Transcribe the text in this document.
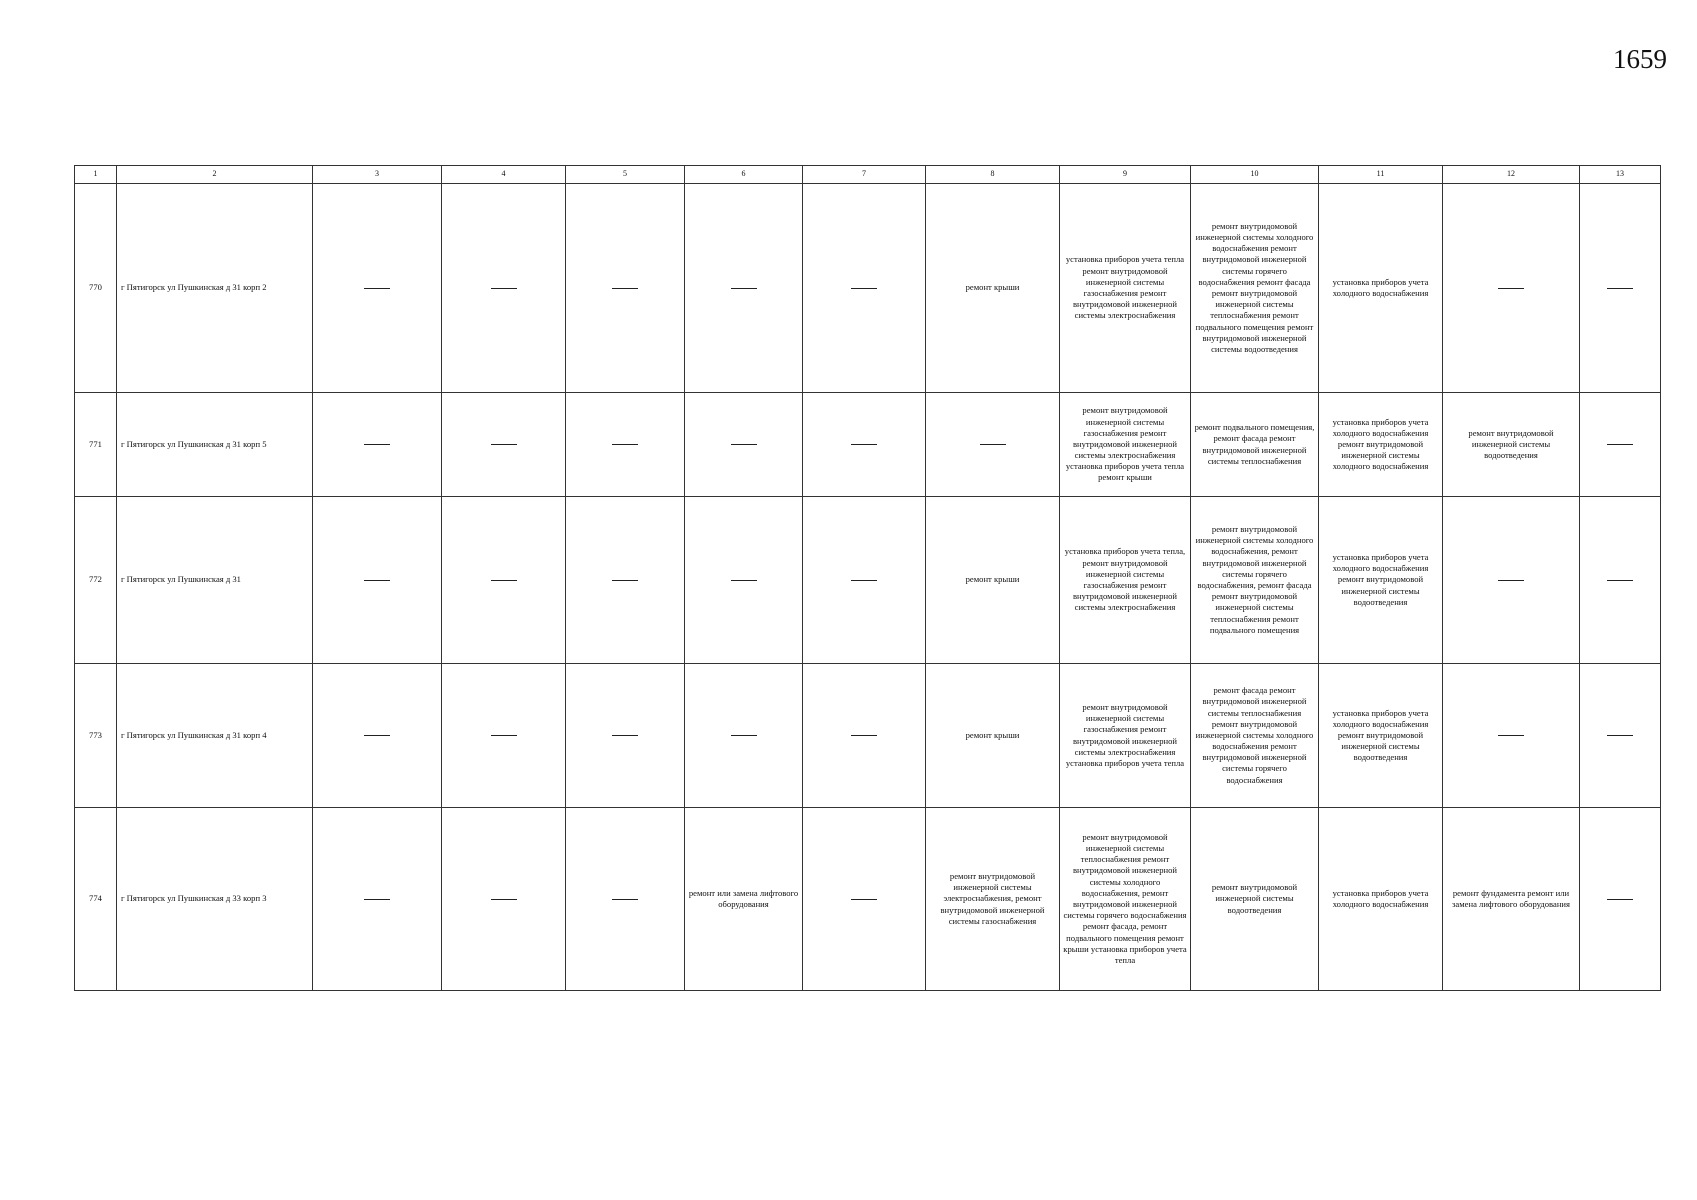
1659
1	2	3	4	5	6	7	8	9	10	11	12	13
770	г Пятигорск ул Пушкинская д 31 корп 2						ремонт крыши	установка приборов учета тепла ремонт внутридомовой инженерной системы газоснабжения ремонт внутридомовой инженерной системы электроснабжения	ремонт внутридомовой инженерной системы холодного водоснабжения ремонт внутридомовой инженерной системы горячего водоснабжения ремонт фасада ремонт внутридомовой инженерной системы теплоснабжения ремонт подвального помещения ремонт внутридомовой инженерной системы водоотведения	установка приборов учета холодного водоснабжения		

771	г Пятигорск ул Пушкинская д 31 корп 5							ремонт внутридомовой инженерной системы газоснабжения ремонт внутридомовой инженерной системы электроснабжения установка приборов учета тепла ремонт крыши	ремонт подвального помещения, ремонт фасада ремонт внутридомовой инженерной системы теплоснабжения	установка приборов учета холодного водоснабжения ремонт внутридомовой инженерной системы холодного водоснабжения	ремонт внутридомовой инженерной системы водоотведения	

772	г Пятигорск ул Пушкинская д 31						ремонт крыши	установка приборов учета тепла, ремонт внутридомовой инженерной системы газоснабжения ремонт внутридомовой инженерной системы электроснабжения	ремонт внутридомовой инженерной системы холодного водоснабжения, ремонт внутридомовой инженерной системы горячего водоснабжения, ремонт фасада ремонт внутридомовой инженерной системы теплоснабжения ремонт подвального помещения	установка приборов учета холодного водоснабжения ремонт внутридомовой инженерной системы водоотведения		

773	г Пятигорск ул Пушкинская д 31 корп 4						ремонт крыши	ремонт внутридомовой инженерной системы газоснабжения ремонт внутридомовой инженерной системы электроснабжения установка приборов учета тепла	ремонт фасада ремонт внутридомовой инженерной системы теплоснабжения ремонт внутридомовой инженерной системы холодного водоснабжения ремонт внутридомовой инженерной системы горячего водоснабжения	установка приборов учета холодного водоснабжения ремонт внутридомовой инженерной системы водоотведения		

774	г Пятигорск ул Пушкинская д 33 корп 3				ремонт или замена лифтового оборудования		ремонт внутридомовой инженерной системы электроснабжения, ремонт внутридомовой инженерной системы газоснабжения	ремонт внутридомовой инженерной системы теплоснабжения ремонт внутридомовой инженерной системы холодного водоснабжения, ремонт внутридомовой инженерной системы горячего водоснабжения ремонт фасада, ремонт подвального помещения ремонт крыши установка приборов учета тепла	ремонт внутридомовой инженерной системы водоотведения	установка приборов учета холодного водоснабжения	ремонт фундамента ремонт или замена лифтового оборудования	
